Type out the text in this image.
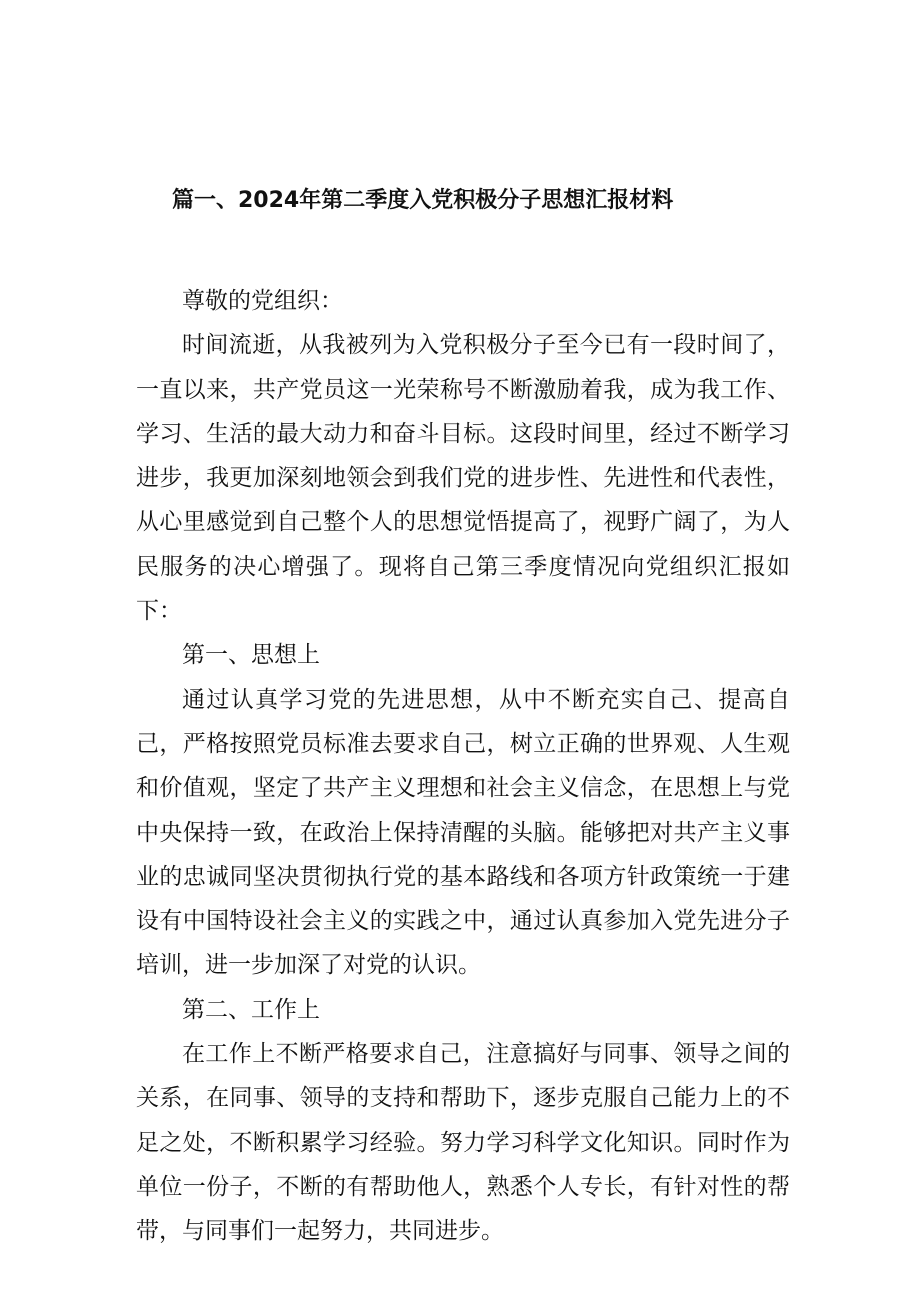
篇一、2024年第二季度入党积极分子思想汇报材料

尊敬的党组织：

时间流逝，从我被列为入党积极分子至今已有一段时间了，一直以来，共产党员这一光荣称号不断激励着我，成为我工作、学习、生活的最大动力和奋斗目标。这段时间里，经过不断学习进步，我更加深刻地领会到我们党的进步性、先进性和代表性，从心里感觉到自己整个人的思想觉悟提高了，视野广阔了，为人民服务的决心增强了。现将自己第三季度情况向党组织汇报如下：

第一、思想上

通过认真学习党的先进思想，从中不断充实自己、提高自己，严格按照党员标准去要求自己，树立正确的世界观、人生观和价值观，坚定了共产主义理想和社会主义信念，在思想上与党中央保持一致，在政治上保持清醒的头脑。能够把对共产主义事业的忠诚同坚决贯彻执行党的基本路线和各项方针政策统一于建设有中国特设社会主义的实践之中，通过认真参加入党先进分子培训，进一步加深了对党的认识。

第二、工作上

在工作上不断严格要求自己，注意搞好与同事、领导之间的关系，在同事、领导的支持和帮助下，逐步克服自己能力上的不足之处，不断积累学习经验。努力学习科学文化知识。同时作为单位一份子，不断的有帮助他人，熟悉个人专长，有针对性的帮带，与同事们一起努力，共同进步。
